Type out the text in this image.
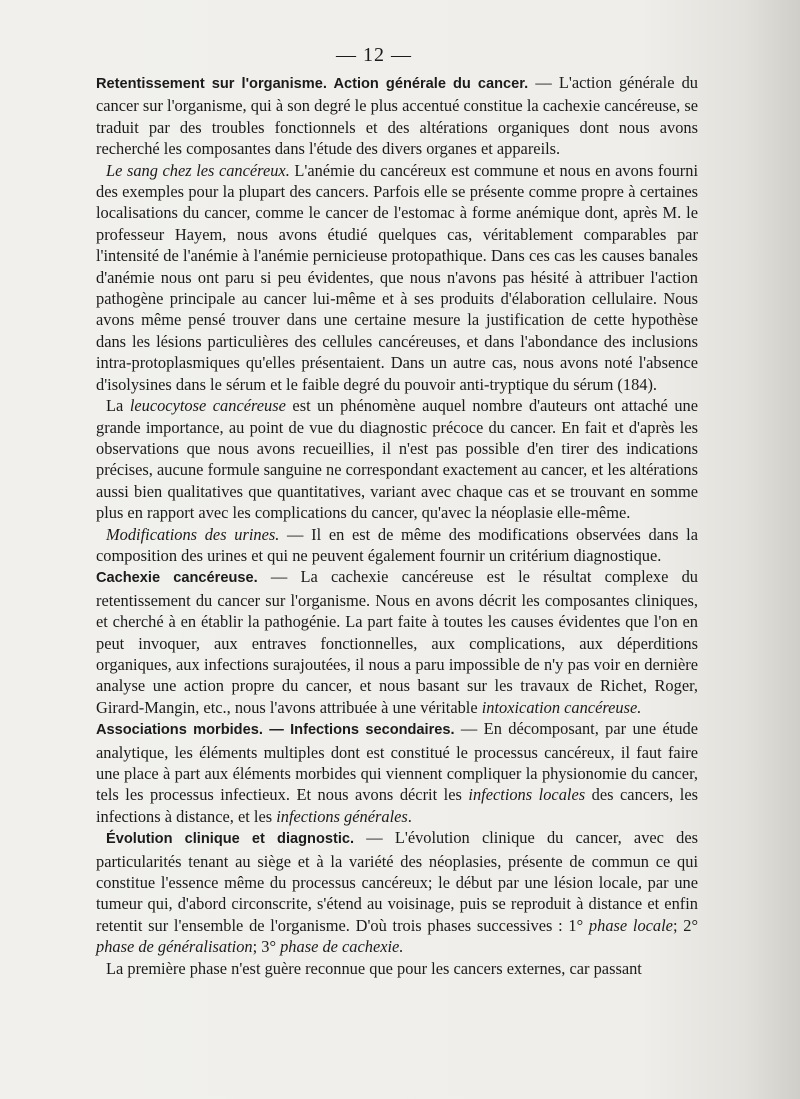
— 12 —

Retentissement sur l'organisme. Action générale du cancer. — L'action générale du cancer sur l'organisme, qui à son degré le plus accentué constitue la cachexie cancéreuse, se traduit par des troubles fonctionnels et des altérations organiques dont nous avons recherché les composantes dans l'étude des divers organes et appareils.

Le sang chez les cancéreux. L'anémie du cancéreux est commune et nous en avons fourni des exemples pour la plupart des cancers. Parfois elle se présente comme propre à certaines localisations du cancer, comme le cancer de l'estomac à forme anémique dont, après M. le professeur Hayem, nous avons étudié quelques cas, véritablement comparables par l'intensité de l'anémie à l'anémie pernicieuse protopathique. Dans ces cas les causes banales d'anémie nous ont paru si peu évidentes, que nous n'avons pas hésité à attribuer l'action pathogène principale au cancer lui-même et à ses produits d'élaboration cellulaire. Nous avons même pensé trouver dans une certaine mesure la justification de cette hypothèse dans les lésions particulières des cellules cancéreuses, et dans l'abondance des inclusions intra-protoplasmiques qu'elles présentaient. Dans un autre cas, nous avons noté l'absence d'isolysines dans le sérum et le faible degré du pouvoir anti-tryptique du sérum (184).

La leucocytose cancéreuse est un phénomène auquel nombre d'auteurs ont attaché une grande importance, au point de vue du diagnostic précoce du cancer. En fait et d'après les observations que nous avons recueillies, il n'est pas possible d'en tirer des indications précises, aucune formule sanguine ne correspondant exactement au cancer, et les altérations aussi bien qualitatives que quantitatives, variant avec chaque cas et se trouvant en somme plus en rapport avec les complications du cancer, qu'avec la néoplasie elle-même.

Modifications des urines. — Il en est de même des modifications observées dans la composition des urines et qui ne peuvent également fournir un critérium diagnostique.

Cachexie cancéreuse. — La cachexie cancéreuse est le résultat complexe du retentissement du cancer sur l'organisme. Nous en avons décrit les composantes cliniques, et cherché à en établir la pathogénie. La part faite à toutes les causes évidentes que l'on en peut invoquer, aux entraves fonctionnelles, aux complications, aux déperditions organiques, aux infections surajoutées, il nous a paru impossible de n'y pas voir en dernière analyse une action propre du cancer, et nous basant sur les travaux de Richet, Roger, Girard-Mangin, etc., nous l'avons attribuée à une véritable intoxication cancéreuse.

Associations morbides. — Infections secondaires. — En décomposant, par une étude analytique, les éléments multiples dont est constitué le processus cancéreux, il faut faire une place à part aux éléments morbides qui viennent compliquer la physionomie du cancer, tels les processus infectieux. Et nous avons décrit les infections locales des cancers, les infections à distance, et les infections générales.

Évolution clinique et diagnostic. — L'évolution clinique du cancer, avec des particularités tenant au siège et à la variété des néoplasies, présente de commun ce qui constitue l'essence même du processus cancéreux; le début par une lésion locale, par une tumeur qui, d'abord circonscrite, s'étend au voisinage, puis se reproduit à distance et enfin retentit sur l'ensemble de l'organisme. D'où trois phases successives : 1° phase locale; 2° phase de généralisation; 3° phase de cachexie.

La première phase n'est guère reconnue que pour les cancers externes, car passant
